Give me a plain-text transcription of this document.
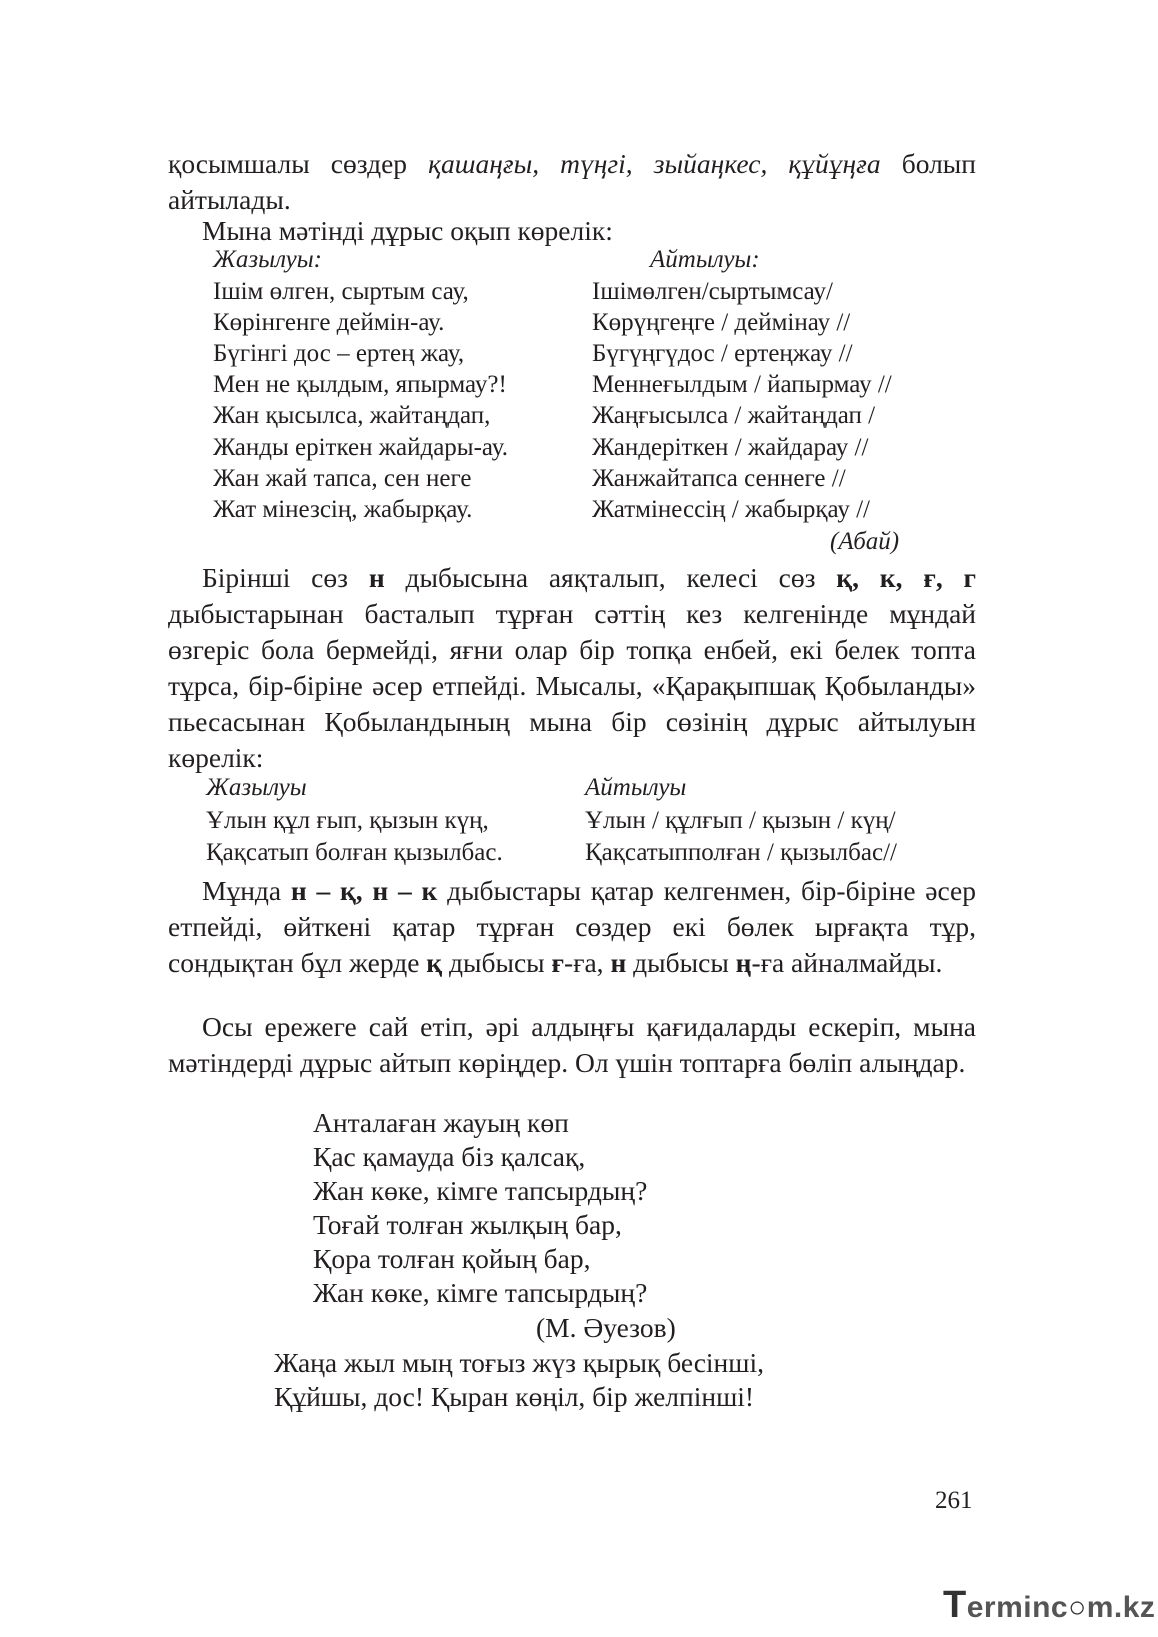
қосымшалы сөздер қашаңғы, түңгі, зыйаңкес, құйұңға болып айтылады.

Мына мәтінді дұрыс оқып көрелік:

Жазылуы:	Айтылуы:
Ішім өлген, сыртым сау,	Ішімөлген/сыртымсау/
Көрінгенге деймін-ау.	Көрүңгеңге / деймінау //
Бүгінгі дос – ертең жау,	Бүгүңгүдос / ертеңжау //
Мен не қылдым, япырмау?!	Меннеғылдым / йапырмау //
Жан қысылса, жайтаңдап,	Жаңғысылса / жайтаңдап /
Жанды еріткен жайдары-ау.	Жандеріткен / жайдарау //
Жан жай тапса, сен неге	Жанжайтапса сеннеге //
Жат мінезсің, жабырқау.	Жатмінессің / жабырқау //
(Абай)

Бірінші сөз н дыбысына аяқталып, келесі сөз қ, к, ғ, г дыбыстарынан басталып тұрған сәттің кез келгенінде мұндай өзгеріс бола бермейді, яғни олар бір топқа енбей, екі белек топта тұрса, бір-біріне әсер етпейді. Мысалы, «Қарақыпшақ Қобыланды» пьесасынан Қобыландының мына бір сөзінің дұрыс айтылуын көрелік:

Жазылуы	Айтылуы
Ұлын құл ғып, қызын күң,	Ұлын / құлғып / қызын / күң/
Қақсатып болған қызылбас.	Қақсатыпполған / қызылбас//

Мұнда н – қ, н – к дыбыстары қатар келгенмен, бір-біріне әсер етпейді, өйткені қатар тұрған сөздер екі бөлек ырғақта тұр, сондықтан бұл жерде қ дыбысы ғ-ға, н дыбысы ң-ға айналмайды.

Осы ережеге сай етіп, әрі алдыңғы қағидаларды ескеріп, мына мәтіндерді дұрыс айтып көріңдер. Ол үшін топтарға бөліп алыңдар.

Анталаған жауың көп
Қас қамауда біз қалсақ,
Жан көке, кімге тапсырдың?
Тоғай толған жылқың бар,
Қора толған қойың бар,
Жан көке, кімге тапсырдың?
(М. Әуезов)
Жаңа жыл мың тоғыз жүз қырық бесінші,
Құйшы, дос! Қыран көңіл, бір желпінші!
261
Terminc○m.kz
